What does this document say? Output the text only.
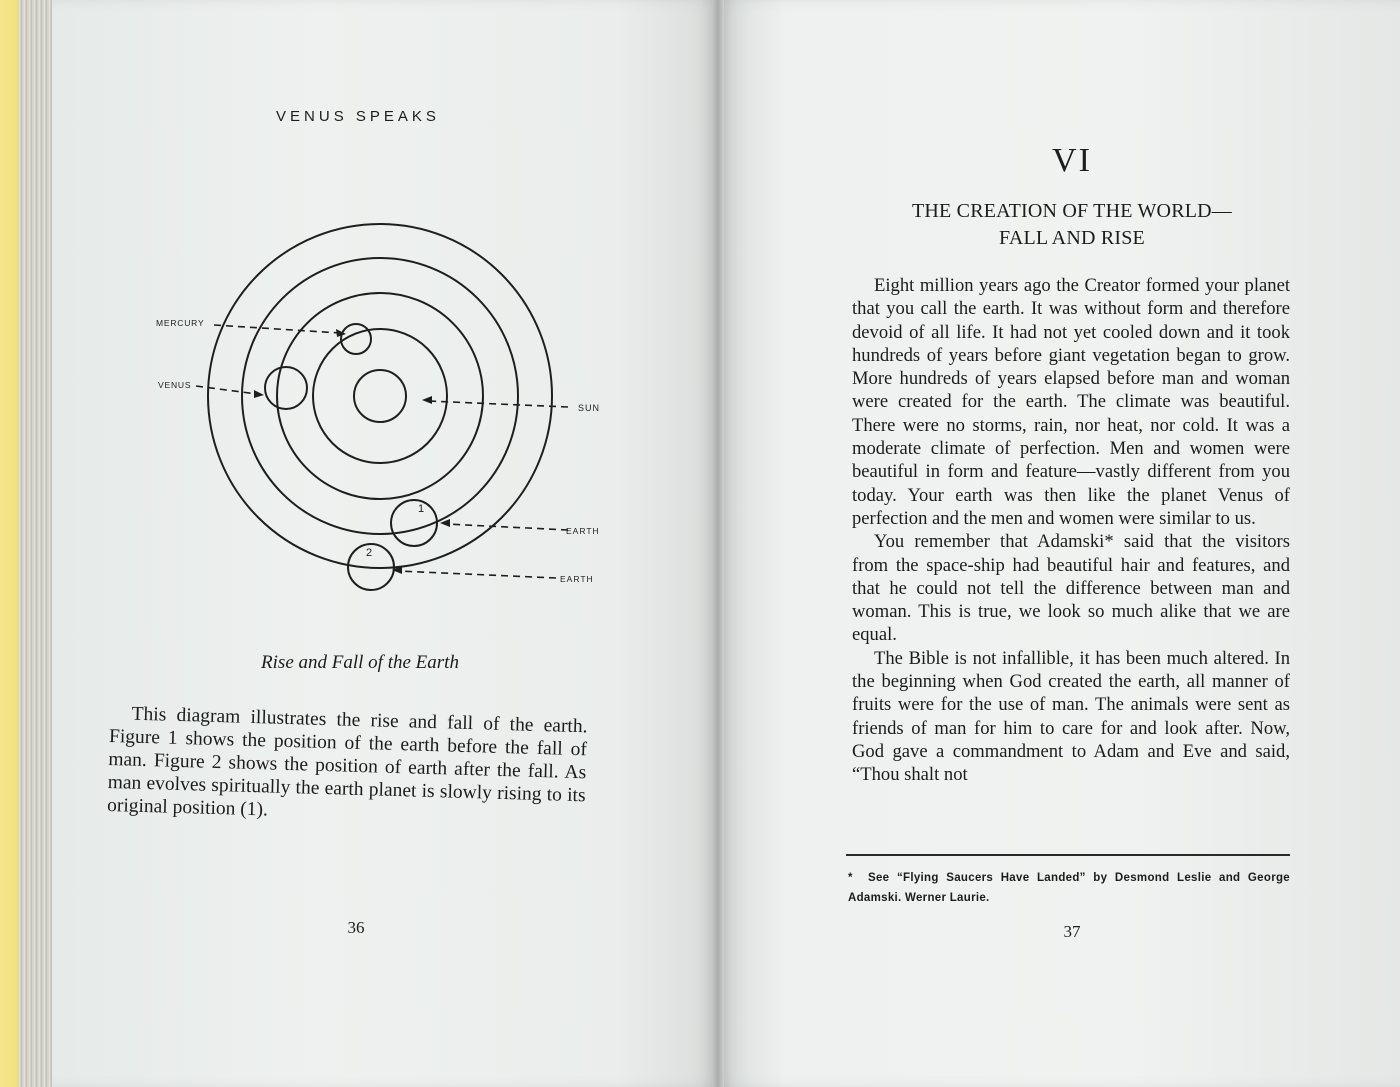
VENUS SPEAKS
MERCURY
VENUS
SUN
EARTH
EARTH
1
2
Rise and Fall of the Earth

This diagram illustrates the rise and fall of the earth. Figure 1 shows the position of the earth before the fall of man. Figure 2 shows the position of earth after the fall. As man evolves spiritually the earth planet is slowly rising to its original position (1).

36
VI
THE CREATION OF THE WORLD—
FALL AND RISE

Eight million years ago the Creator formed your planet that you call the earth. It was without form and therefore devoid of all life. It had not yet cooled down and it took hundreds of years before giant vegetation began to grow. More hundreds of years elapsed before man and woman were created for the earth. The climate was beautiful. There were no storms, rain, nor heat, nor cold. It was a moderate climate of perfection. Men and women were beautiful in form and feature—vastly different from you today. Your earth was then like the planet Venus of perfection and the men and women were similar to us.

You remember that Adamski* said that the visitors from the space-ship had beautiful hair and features, and that he could not tell the difference between man and woman. This is true, we look so much alike that we are equal.

The Bible is not infallible, it has been much altered. In the beginning when God created the earth, all manner of fruits were for the use of man. The animals were sent as friends of man for him to care for and look after. Now, God gave a commandment to Adam and Eve and said, “Thou shalt not

* See “Flying Saucers Have Landed” by Desmond Leslie and George Adamski. Werner Laurie.
37
